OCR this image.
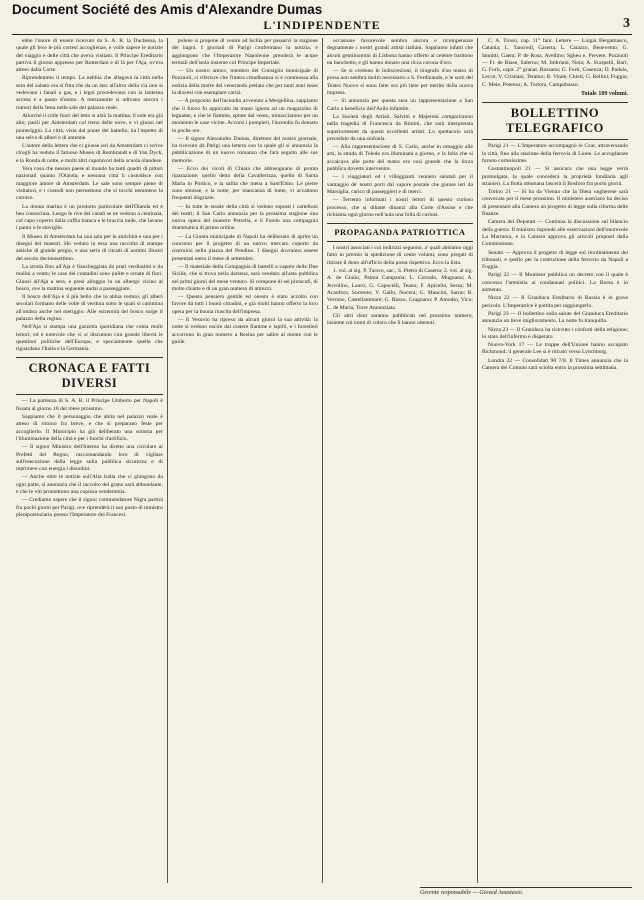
Document Société des Amis d'Alexandre Dumas
L'INDIPENDENTE	3

ebbe l'onore di essere ricevuto da S. A. R. la Duchessa, la quale gli fece le più cortesi accoglienze, e volle sapere le notizie del viaggio e delle città che aveva visitato. Il Principe Ereditario partiva il giorno appresso per Rotterdam e di là per l'Aja, ov'era atteso dalla Corte.

Riprendemmo il tempo. La nebbia che allagava la città nella sera del sabato era sì fitta che da un lato all'altro della via non si vedevano i fanali a gas, e i legni procedevano con la lanterna accesa e a passo d'uomo. A mezzanotte si udivano ancora i rumori della festa nelle sale del palazzo reale.

Allorchè il colle fuori del letto si alzò la mattina, il sole era già alto; partii per Amsterdam col treno delle nove, e vi giunsi nel pomeriggio. La città, vista dal ponte del battello, ha l'aspetto di una selva di alberi e di antenne.

L'autore della lettera che ci giunse ieri da Amsterdam ci scrive ch'egli ha veduto il famoso Museo di Rembrandt e di Van Dyck, e la Ronda di notte, e molti altri capolavori della scuola olandese.

Vera cosa che nessun paese al mondo ha tanti quadri di pittori nazionali quanto l'Olanda; e nessuna città li custodisce con maggiore amore di Amsterdam. Le sale sono sempre piene di visitatori, e i custodi non permettono che si tocchi nemmeno la cornice.

La donna marina è un prodotto particolare dell'Olanda ed è ben conosciuta. Lungo le rive dei canali se ne vedono a centinaia, col capo coperto dalla cuffia bianca e le braccia nude, che lavano i panni o le stoviglie.

Il Museo di Amsterdam ha una sala per le antichità e una per i disegni dei maestri. Ho veduto in essa una raccolta di stampe antiche di grande pregio, e una serie di ritratti di uomini illustri del secolo decimosettimo.

La strada fino all'Aja è fiancheggiata da prati verdissimi e da mulini a vento; le case dei contadini sono pulite e ornate di fiori. Giunsi all'Aja a sera, e presi alloggio in un albergo vicino al bosco, ove la mattina seguente andai a passeggiare.

Il bosco dell'Aja è il più bello che io abbia veduto; gli alberi secolari formano delle volte di verdura sotto le quali si cammina all'ombra anche nel meriggio. Alle estremità del bosco sorge il palazzo della regina.

Nell'Aja si stampa una gazzetta quotidiana che conta molti lettori; ed è notevole che vi si discutono con grande libertà le questioni politiche dell'Europa, e specialmente quelle che riguardano l'Italia e la Germania.

CRONACA E FATTI DIVERSI

— La partenza di S. A. R. il Principe Umberto per Napoli è fissata al giorno 18 del mese prossimo.

Sappiamo che il personaggio che abita nel palazzo reale è atteso di ritorno fra breve, e che si preparano feste per accoglierlo. Il Municipio ha già deliberato una somma per l'illuminazione della città e per i fuochi d'artifizio.

— Il signor Ministro dell'Interno ha diretto una circolare ai Prefetti del Regno, raccomandando loro di vigilare sull'esecuzione della legge sulla pubblica sicurezza e di reprimere con energia i disordini.

— Anche oltre le notizie sull'Alta Italia che ci giungono da ogni parte, si annunzia che il raccolto del grano sarà abbondante, e che le viti promettono una copiosa vendemmia.

— Crediamo sapere che il signor commendatore Nigra partirà fra pochi giorni per Parigi, ove riprenderà il suo posto di ministro plenipotenziario presso l'Imperatore dei Francesi.

polene si propone di venire ad Ischia per passarvi la stagione dei bagni. I giornali di Parigi confermano la notizia, e aggiungono che l'Imperatore Napoleone prenderà le acque termali dell'isola insieme col Principe Imperiale.

— Un nostro amico, membro del Consiglio municipale di Pozzuoli, ci riferisce che l'intera cittadinanza si è commossa alla notizia della morte del venerando prelato che per tanti anni resse la diocesi con esemplare carità.

— A proposito dell'incendio avvenuto a Mergellina, sappiamo che il fuoco fu appiccato da mano ignota ad un magazzino di legname, e che le fiamme, spinte dal vento, minacciarono per un momento le case vicine. Accorsi i pompieri, l'incendio fu domato in poche ore.

— Il signor Alessandro Dumas, direttore del nostro giornale, ha ricevuto da Parigi una lettera con la quale gli si annunzia la pubblicazione di un nuovo romanzo che farà seguito alle sue memorie.

— Ecco dei vicoli di Chiaia che abbisognano di pronta riparazione: quello detto della Cavallerizza, quello di Santa Maria in Portico, e la salita che mena a Sant'Elmo. Le pietre sono smosse, e la notte, per mancanza di lume, vi accadono frequenti disgrazie.

— In tutte le strade della città si vedono esposti i cartelloni dei teatri; il San Carlo annunzia per la prossima stagione una nuova opera del maestro Petrella, e il Fondo una compagnia drammatica di primo ordine.

— La Giunta municipale di Napoli ha deliberato di aprire un concorso per il progetto di un nuovo mercato coperto da costruirsi nella piazza del Pendino. I disegni dovranno essere presentati entro il mese di settembre.

— Il materiale della Compagnia di battelli a vapore delle Due Sicilie, che si trova nella darsena, sarà venduto all'asta pubblica nei primi giorni del mese venturo. Si compone di sei piroscafi, di molte chiatte e di un gran numero di attrezzi.

— Questo pensiero gentile ed onesto è stato accolto con favore da tutti i buoni cittadini, e già molti hanno offerto la loro opera per la buona riuscita dell'impresa.

— Il Vesuvio ha ripreso da alcuni giorni la sua attività; la notte si vedono uscire dal cratere fiamme e lapilli, e i forestieri accorrono in gran numero a Resina per salire al monte con le guide.

occasione favorevole sembra ancora e ricompensare degnamente i nostri grandi artisti italiani. Sappiamo infatti che alcuni gentiluomini di Lisbona hanno offerto al celebre baritono un banchetto, e gli hanno donato una ricca corona d'oro.

— Se si credono le indiscrezioni, il biografo d'un teatro di prosa non sembra molto necessario a S. Ferdinando, e le sorti del Teatro Nuovo si sono fatte ora più liete per merito della nuova impresa.

— Si annunzia per questa sera un rappresentazione a San Carlo a beneficio dell'Asilo infantile.

La Società degli Artisti, Salvini e Majeroni compariranno nella tragedia di Francesca da Rimini, che sarà interpretata superiormente da questi eccellenti artisti. Lo spettacolo sarà preceduto da una sinfonia.

— Alla rappresentazione di S. Carlo, anche in omaggio alle arti, la strada di Toledo era illuminata a giorno, e la folla che si accalcava alle porte del teatro era così grande che la forza pubblica dovette intervenire.

— I viaggiatori ed i villeggianti vennero salutati per il vantaggio de' nostri porti dal vapore postale che giunse ieri da Marsiglia, carico di passeggieri e di merci.

— Terremo informati i nostri lettori di questo curioso processo, che si dibatte dinanzi alla Corte d'Assise e che richiama ogni giorno nell'aula una folla di curiosi.

PROPAGANDA PATRIOTTICA

I nostri associati i cui indirizzi seguono, a' quali abbiamo oggi fatto in premio la spedizione di cento volumi, sono pregati di ritirare il dono all'ufficio della posta rispettiva. Ecco la lista.

1. vol. al sig. P. Tursco, sac., S. Pietro di Caserta; 2. vol. al sig. A. de Giulio, Palma Campania; L. Corrado, Mugnano; A. Jervolino, Lauro; G. Capocelli, Teano; F. Apicella, Sessa; M. Acanfora, Sorrento; V. Gallo, Nocera; G. Mancini, Sarno; R. Verrone, Castellammare; G. Russo, Gragnano; P. Amodio, Vico; L. de Maria, Torre Annunziata.

Gli altri doni saranno pubblicati nel prossimo numero, insieme coi nomi di coloro che li hanno ottenuti.

C. A. Trossi, cap. 11° fant. Lettere — Luigia Bergamasco, Catania; L. Tancredi, Caserta; L. Caiazzo, Benevento; G. Iannitti, Gaeta; P. de Rosa, Avellino; Sgheo e. Prevete, Pozzuoli — Fr. de Biase, Salerno; M. Imbriani, Nola; A. Scarpelli, Bari; G. Forti, capit. 2° granat. Rossano; G. Forti, Cosenza; D. Padula, Lecce; V. Cristiani, Teramo; B. Vitale, Chieti; G. Bellini, Foggia; C. Mele, Potenza; A. Tortora, Campobasso.

Totale 109 volumi.
BOLLETTINO TELEGRAFICO

Parigi 21 — L'Imperatore accompagnò lo Czar, attraversando la città, fino alla stazione della ferrovia di Lione. Le accoglienze furono cortesissime.

Costantinopoli 21 — Si assicura che una legge verrà promulgata, la quale concederà la proprietà fondiaria agli stranieri. La flotta ottomana lascerà il Bosforo fra pochi giorni.

Torino 21 — Si ha da Vienna che la Dieta ungherese sarà convocata per il mese prossimo. Il ministero austriaco ha deciso di presentare alla Camera un progetto di legge sulla riforma delle finanze.

Camera dei Deputati — Continua la discussione sul bilancio della guerra. Il ministro risponde alle osservazioni dell'onorevole La Marmora, e la Camera approva gli articoli proposti dalla Commissione.

Senato — Approva il progetto di legge sul riordinamento dei tribunali, e quello per la costruzione della ferrovia da Napoli a Foggia.

Parigi 22 — Il Moniteur pubblica un decreto con il quale è concessa l'amnistia ai condannati politici. La Borsa è in aumento.

Nizza 22 — Il Granduca Ereditario di Russia è in grave pericolo. L'Imperatrice è partita per raggiungerlo.

Parigi 23 — Il bollettino sulla salute del Granduca Ereditario annunzia un lieve miglioramento. La notte fu tranquilla.

Nizza 23 — Il Granduca ha ricevuto i conforti della religione; lo stato dell'infermo è disperato.

Nuova-York 17 — Le truppe dell'Unione hanno occupato Richmond; il generale Lee si è ritirato verso Lynchburg.

Londra 22 — Consolidati 90 7/8. Il Times annunzia che la Camera dei Comuni sarà sciolta entro la prossima settimana.

Gerente responsabile — Gioved Anastasio.
